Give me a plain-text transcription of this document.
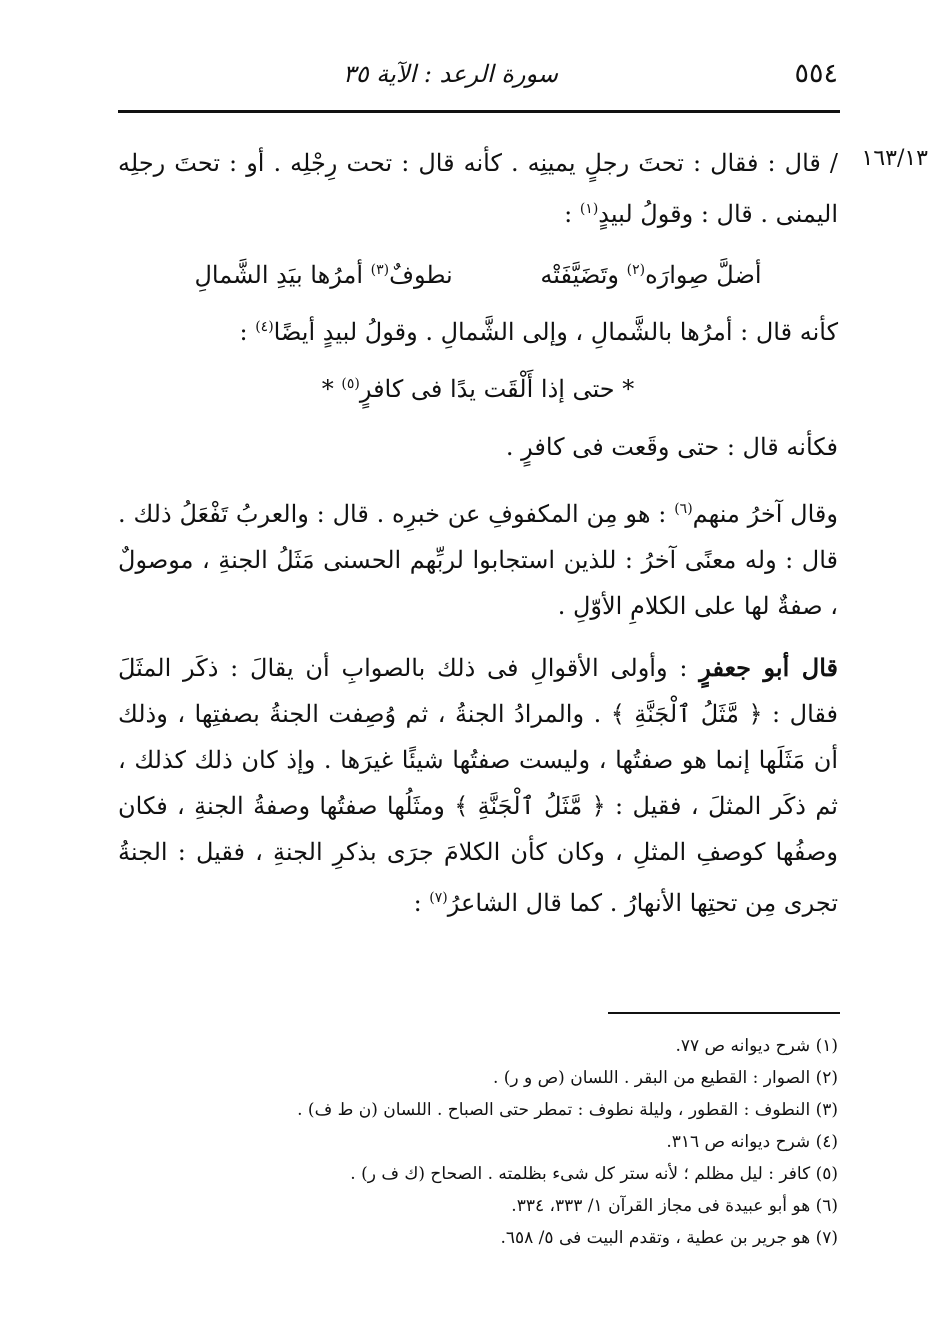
٥٥٤
سورة الرعد : الآية ٣٥
١٦٣/١٣

/ قال : فقال : تحتَ رجلٍ يمينِه . كأنه قال : تحت رِجْلِه . أو : تحتَ رجلِه اليمنى . قال : وقولُ لبيدٍ$^{(١)}$ :

أضلَّ صِوارَه$^{(٢)}$ وتَضَيَّفَتْه نطوفٌ$^{(٣)}$ أمرُها بيَدِ الشَّمالِ

كأنه قال : أمرُها بالشَّمالِ ، وإلى الشَّمالِ . وقولُ لبيدٍ أيضًا$^{(٤)}$ :

* حتى إذا أَلْقَت يدًا فى كافرٍ$^{(٥)}$ *

فكأنه قال : حتى وقَعت فى كافرٍ .

وقال آخرُ منهم$^{(٦)}$ : هو مِن المكفوفِ عن خبرِه . قال : والعربُ تَفْعَلُ ذلك . قال : وله معنًى آخرُ : للذين استجابوا لربِّهم الحسنى مَثَلُ الجنةِ ، موصولٌ ، صفةٌ لها على الكلامِ الأوّلِ .

قال أبو جعفرٍ : وأولى الأقوالِ فى ذلك بالصوابِ أن يقالَ : ذكَر المثَلَ فقال : ﴿ مَّثَلُ ٱلْجَنَّةِ ﴾ . والمرادُ الجنةُ ، ثم وُصِفت الجنةُ بصفتِها ، وذلك أن مَثَلَها إنما هو صفتُها ، وليست صفتُها شيئًا غيرَها . وإذ كان ذلك كذلك ، ثم ذكَر المثلَ ، فقيل : ﴿ مَّثَلُ ٱلْجَنَّةِ ﴾ ومثَلُها صفتُها وصفةُ الجنةِ ، فكان وصفُها كوصفِ المثلِ ، وكان كأن الكلامَ جرَى بذكرِ الجنةِ ، فقيل : الجنةُ تجرى مِن تحتِها الأنهارُ . كما قال الشاعرُ$^{(٧)}$ :

(١) شرح ديوانه ص ٧٧.
(٢) الصوار : القطيع من البقر . اللسان (ص و ر) .
(٣) النطوف : القطور ، وليلة نطوف : تمطر حتى الصباح . اللسان (ن ط ف) .
(٤) شرح ديوانه ص ٣١٦.
(٥) كافر : ليل مظلم ؛ لأنه ستر كل شىء بظلمته . الصحاح (ك ف ر) .
(٦) هو أبو عبيدة فى مجاز القرآن ١/ ٣٣٣، ٣٣٤.
(٧) هو جرير بن عطية ، وتقدم البيت فى ٥/ ٦٥٨.
